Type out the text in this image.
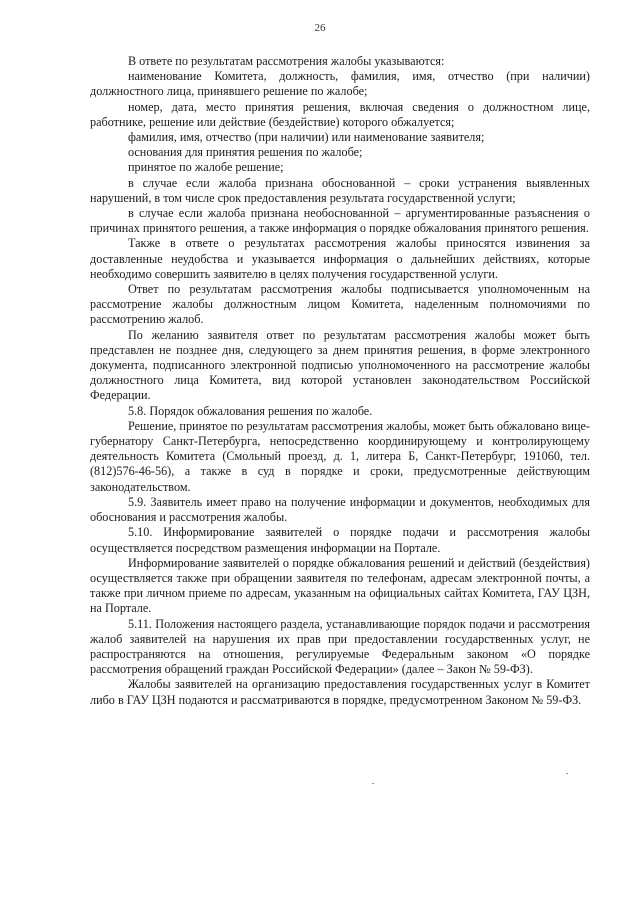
26

В ответе по результатам рассмотрения жалобы указываются:

наименование Комитета, должность, фамилия, имя, отчество (при наличии) должностного лица, принявшего решение по жалобе;

номер, дата, место принятия решения, включая сведения о должностном лице, работнике, решение или действие (бездействие) которого обжалуется;

фамилия, имя, отчество (при наличии) или наименование заявителя;

основания для принятия решения по жалобе;

принятое по жалобе решение;

в случае если жалоба признана обоснованной – сроки устранения выявленных нарушений, в том числе срок предоставления результата государственной услуги;

в случае если жалоба признана необоснованной – аргументированные разъяснения о причинах принятого решения, а также информация о порядке обжалования принятого решения.

Также в ответе о результатах рассмотрения жалобы приносятся извинения за доставленные неудобства и указывается информация о дальнейших действиях, которые необходимо совершить заявителю в целях получения государственной услуги.

Ответ по результатам рассмотрения жалобы подписывается уполномоченным на рассмотрение жалобы должностным лицом Комитета, наделенным полномочиями по рассмотрению жалоб.

По желанию заявителя ответ по результатам рассмотрения жалобы может быть представлен не позднее дня, следующего за днем принятия решения, в форме электронного документа, подписанного электронной подписью уполномоченного на рассмотрение жалобы должностного лица Комитета, вид которой установлен законодательством Российской Федерации.

5.8. Порядок обжалования решения по жалобе.

Решение, принятое по результатам рассмотрения жалобы, может быть обжаловано вице-губернатору Санкт-Петербурга, непосредственно координирующему и контролирующему деятельность Комитета (Смольный проезд, д. 1, литера Б, Санкт-Петербург, 191060, тел. (812)576-46-56), а также в суд в порядке и сроки, предусмотренные действующим законодательством.

5.9. Заявитель имеет право на получение информации и документов, необходимых для обоснования и рассмотрения жалобы.

5.10. Информирование заявителей о порядке подачи и рассмотрения жалобы осуществляется посредством размещения информации на Портале.

Информирование заявителей о порядке обжалования решений и действий (бездействия) осуществляется также при обращении заявителя по телефонам, адресам электронной почты, а также при личном приеме по адресам, указанным на официальных сайтах Комитета, ГАУ ЦЗН, на Портале.

5.11. Положения настоящего раздела, устанавливающие порядок подачи и рассмотрения жалоб заявителей на нарушения их прав при предоставлении государственных услуг, не распространяются на отношения, регулируемые Федеральным законом «О порядке рассмотрения обращений граждан Российской Федерации» (далее – Закон № 59-ФЗ).

Жалобы заявителей на организацию предоставления государственных услуг в Комитет либо в ГАУ ЦЗН подаются и рассматриваются в порядке, предусмотренном Законом № 59-ФЗ.
